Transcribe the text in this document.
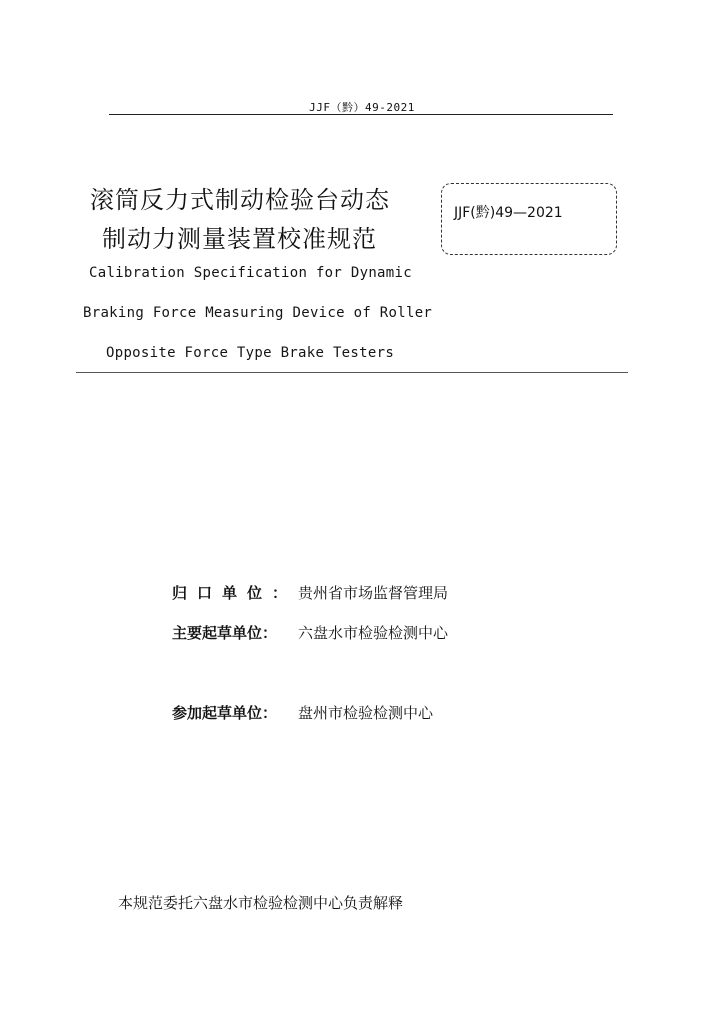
JJF（黔）49-2021
滚筒反力式制动检验台动态
制动力测量装置校准规范
JJF(黔)49—2021
Calibration Specification for Dynamic
Braking Force Measuring Device of Roller
Opposite Force Type Brake Testers
归口单位：贵州省市场监督管理局
主要起草单位： 六盘水市检验检测中心
参加起草单位： 盘州市检验检测中心
本规范委托六盘水市检验检测中心负责解释
